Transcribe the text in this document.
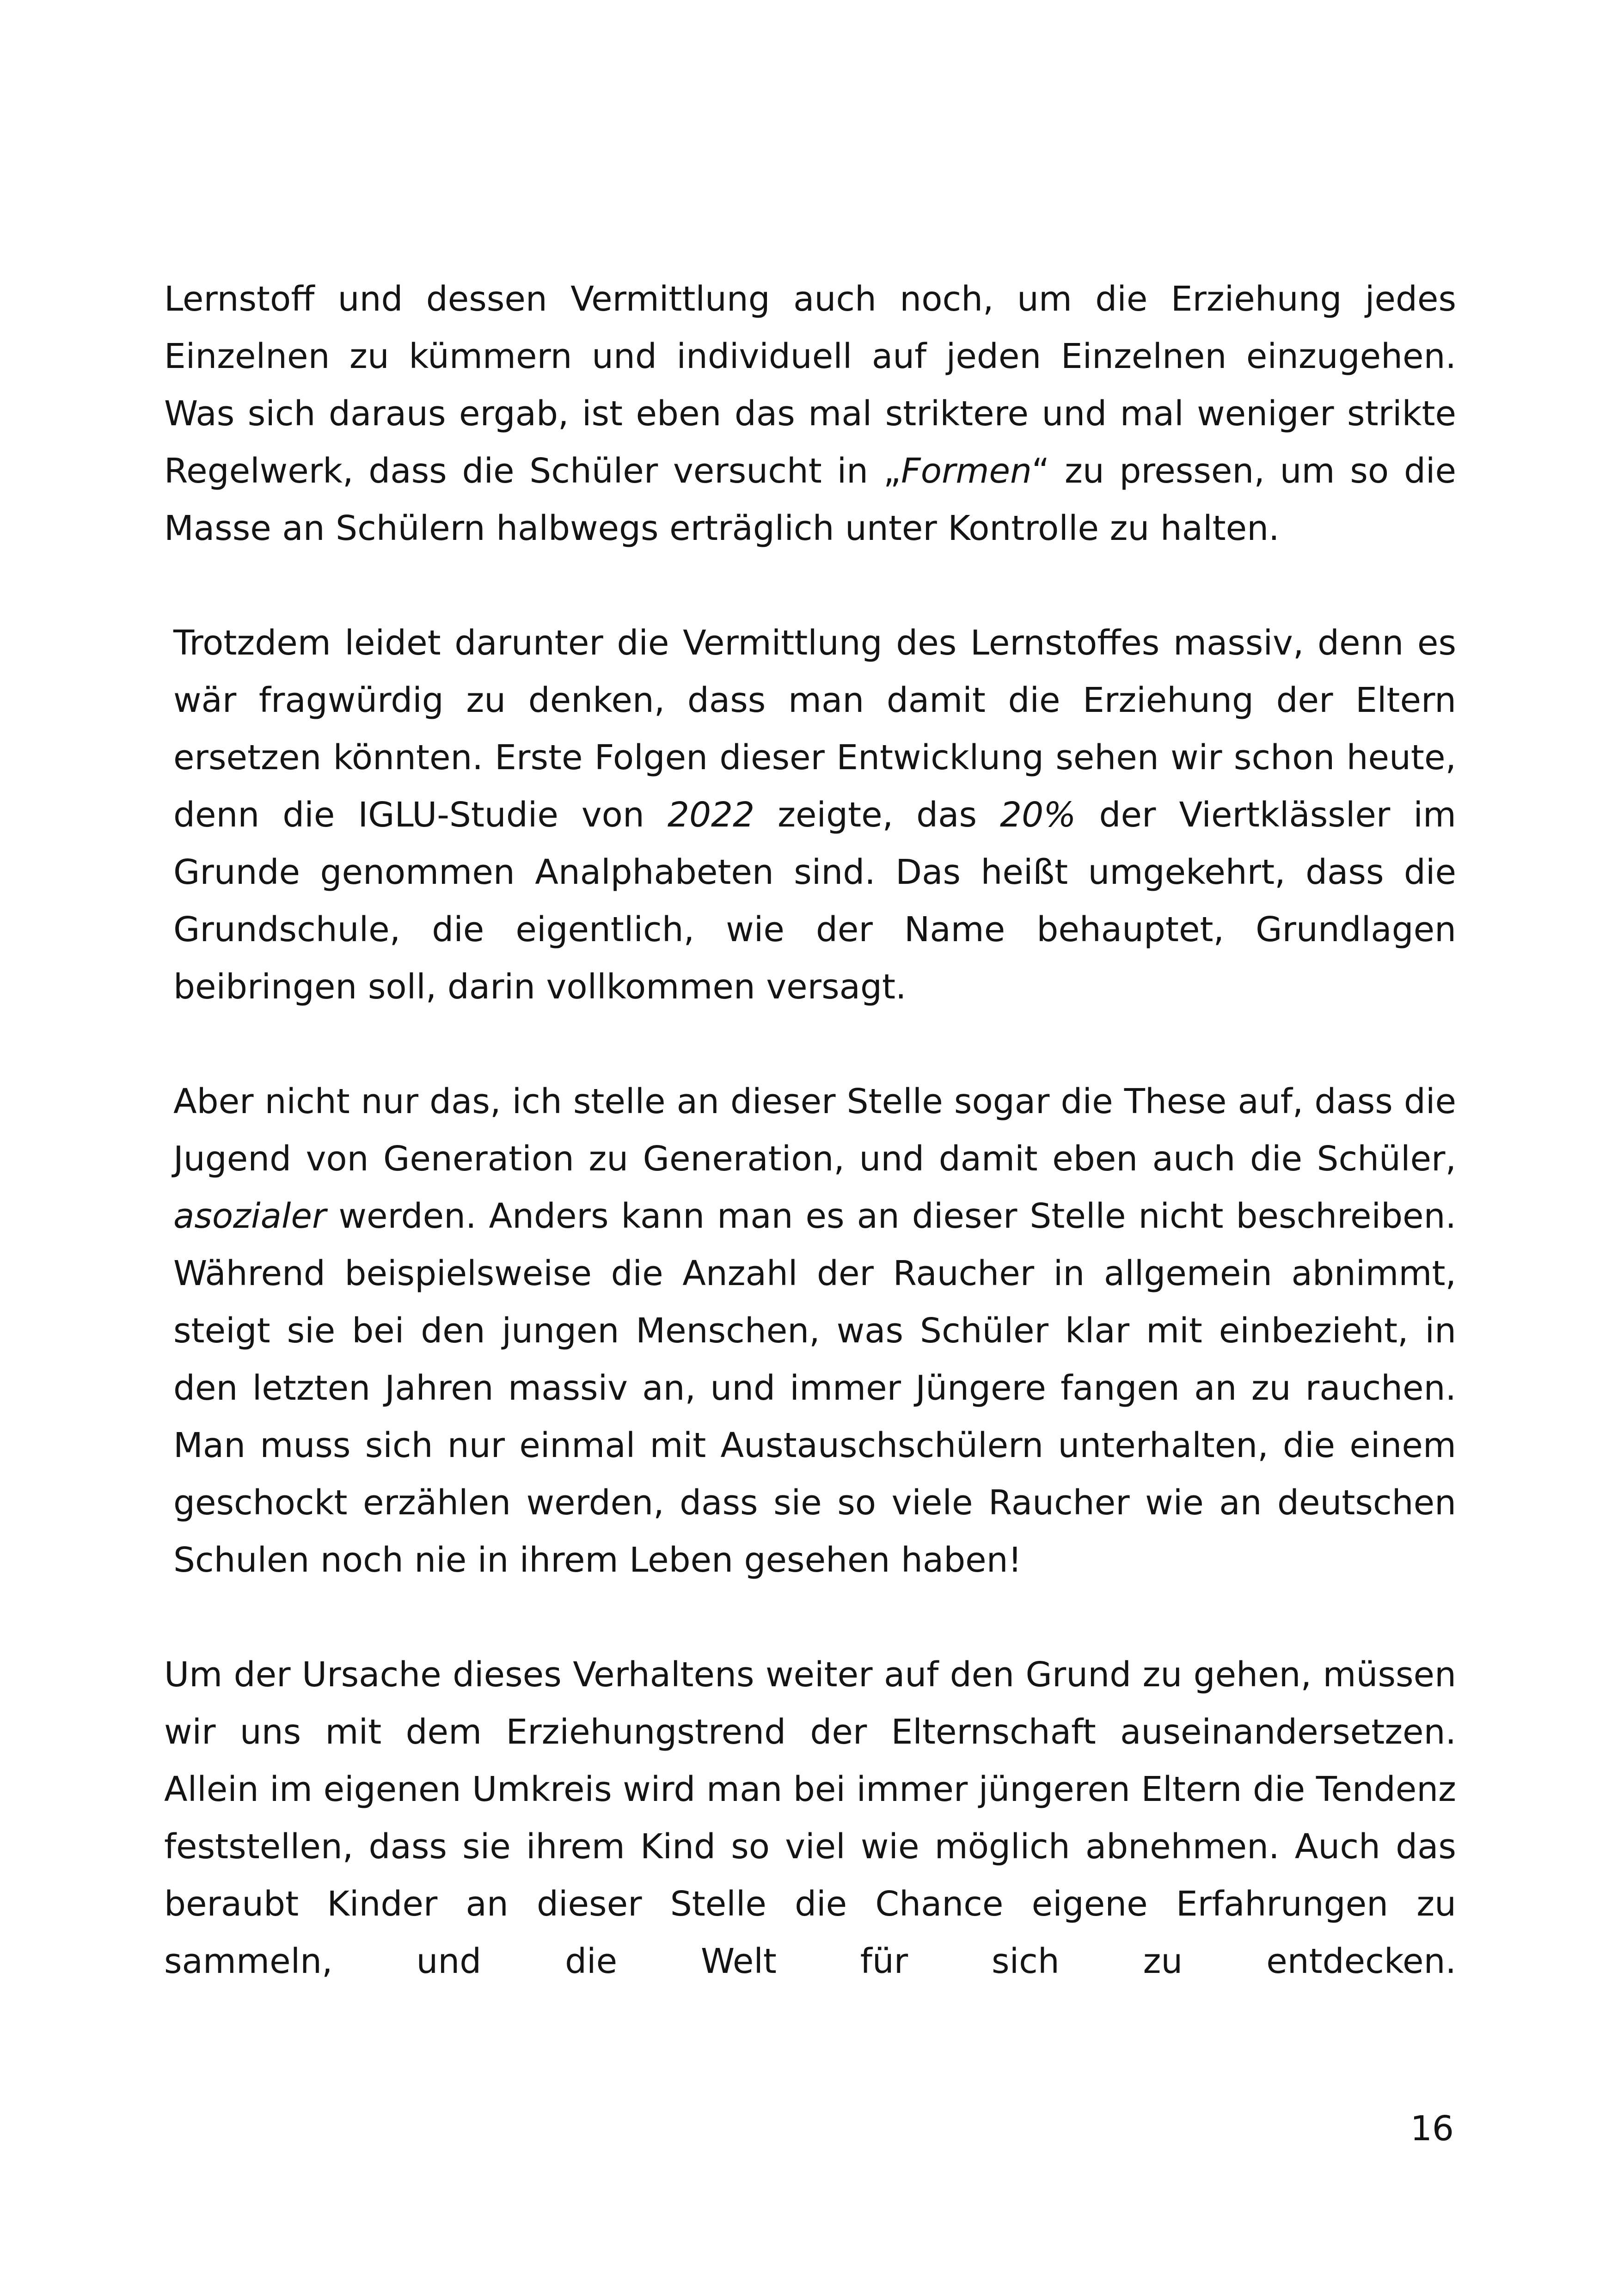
Lernstoff und dessen Vermittlung auch noch, um die Erziehung jedes Einzelnen zu kümmern und individuell auf jeden Einzelnen einzugehen. Was sich daraus ergab, ist eben das mal striktere und mal weniger strikte Regelwerk, dass die Schüler versucht in „Formen“ zu pressen, um so die Masse an Schülern halbwegs erträglich unter Kontrolle zu halten.

Trotzdem leidet darunter die Vermittlung des Lernstoffes massiv, denn es wär fragwürdig zu denken, dass man damit die Erziehung der Eltern ersetzen könnten. Erste Folgen dieser Entwicklung sehen wir schon heute, denn die IGLU-Studie von 2022 zeigte, das 20% der Viertklässler im Grunde genommen Analphabeten sind. Das heißt umgekehrt, dass die Grundschule, die eigentlich, wie der Name behauptet, Grundlagen beibringen soll, darin vollkommen versagt.

Aber nicht nur das, ich stelle an dieser Stelle sogar die These auf, dass die Jugend von Generation zu Generation, und damit eben auch die Schüler, asozialer werden. Anders kann man es an dieser Stelle nicht beschreiben. Während beispielsweise die Anzahl der Raucher in allgemein abnimmt, steigt sie bei den jungen Menschen, was Schüler klar mit einbezieht, in den letzten Jahren massiv an, und immer Jüngere fangen an zu rauchen. Man muss sich nur einmal mit Austauschschülern unterhalten, die einem geschockt erzählen werden, dass sie so viele Raucher wie an deutschen Schulen noch nie in ihrem Leben gesehen haben!

Um der Ursache dieses Verhaltens weiter auf den Grund zu gehen, müssen wir uns mit dem Erziehungstrend der Elternschaft auseinandersetzen. Allein im eigenen Umkreis wird man bei immer jüngeren Eltern die Tendenz feststellen, dass sie ihrem Kind so viel wie möglich abnehmen. Auch das beraubt Kinder an dieser Stelle die Chance eigene Erfahrungen zu sammeln, und die Welt für sich zu entdecken.

16
